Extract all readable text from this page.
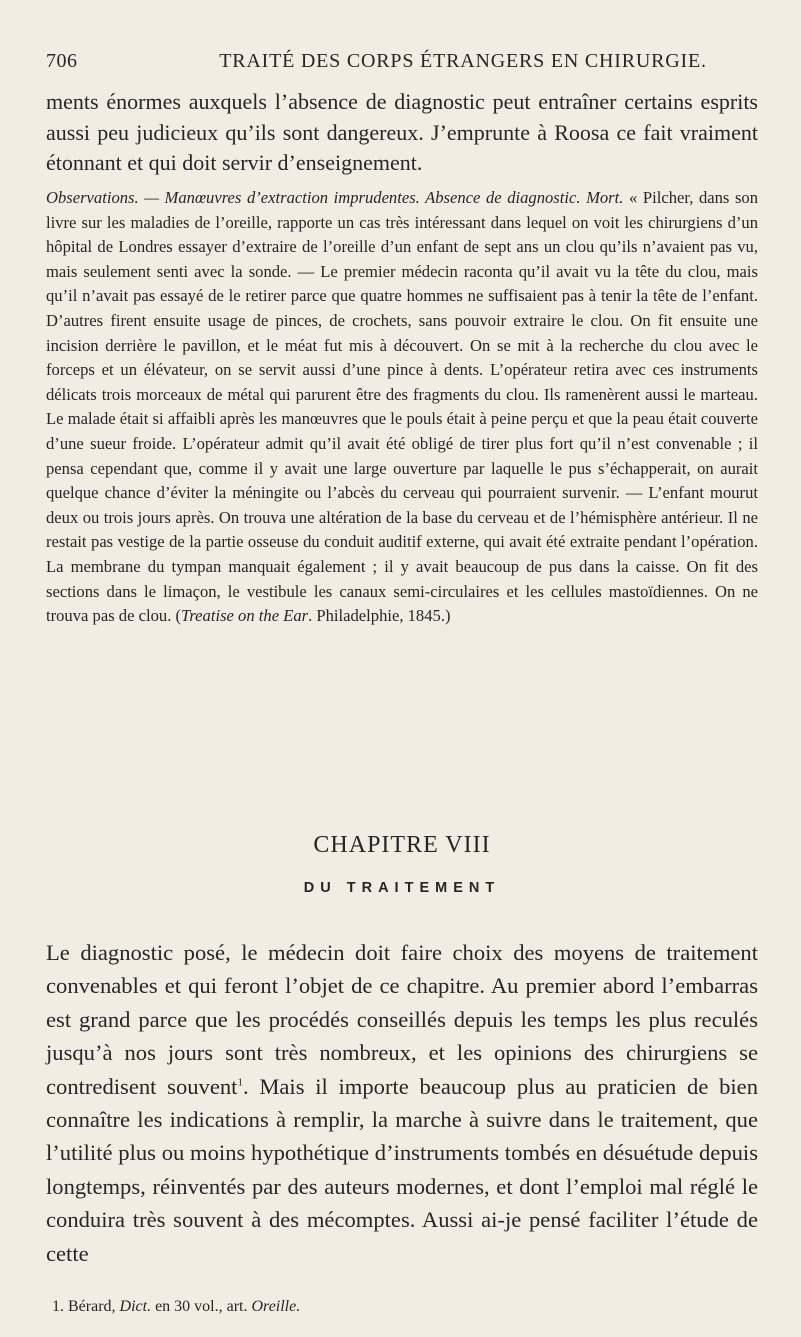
706	TRAITÉ DES CORPS ÉTRANGERS EN CHIRURGIE.

ments énormes auxquels l’absence de diagnostic peut entraîner certains esprits aussi peu judicieux qu’ils sont dangereux. J’emprunte à Roosa ce fait vraiment étonnant et qui doit servir d’enseignement.

Observations. — Manœuvres d’extraction imprudentes. Absence de diagnostic. Mort. « Pilcher, dans son livre sur les maladies de l’oreille, rapporte un cas très intéressant dans lequel on voit les chirurgiens d’un hôpital de Londres essayer d’extraire de l’oreille d’un enfant de sept ans un clou qu’ils n’avaient pas vu, mais seulement senti avec la sonde. — Le premier médecin raconta qu’il avait vu la tête du clou, mais qu’il n’avait pas essayé de le retirer parce que quatre hommes ne suffisaient pas à tenir la tête de l’enfant. D’autres firent ensuite usage de pinces, de crochets, sans pouvoir extraire le clou. On fit ensuite une incision derrière le pavillon, et le méat fut mis à découvert. On se mit à la recherche du clou avec le forceps et un élévateur, on se servit aussi d’une pince à dents. L’opérateur retira avec ces instruments délicats trois morceaux de métal qui parurent être des fragments du clou. Ils ramenèrent aussi le marteau. Le malade était si affaibli après les manœuvres que le pouls était à peine perçu et que la peau était couverte d’une sueur froide. L’opérateur admit qu’il avait été obligé de tirer plus fort qu’il n’est convenable ; il pensa cependant que, comme il y avait une large ouverture par laquelle le pus s’échapperait, on aurait quelque chance d’éviter la méningite ou l’abcès du cerveau qui pourraient survenir. — L’enfant mourut deux ou trois jours après. On trouva une altération de la base du cerveau et de l’hémisphère antérieur. Il ne restait pas vestige de la partie osseuse du conduit auditif externe, qui avait été extraite pendant l’opération. La membrane du tympan manquait également ; il y avait beaucoup de pus dans la caisse. On fit des sections dans le limaçon, le vestibule les canaux semi-circulaires et les cellules mastoïdiennes. On ne trouva pas de clou. (Treatise on the Ear. Philadelphie, 1845.)

CHAPITRE VIII
DU TRAITEMENT

Le diagnostic posé, le médecin doit faire choix des moyens de traitement convenables et qui feront l’objet de ce chapitre. Au premier abord l’embarras est grand parce que les procédés conseillés depuis les temps les plus reculés jusqu’à nos jours sont très nombreux, et les opinions des chirurgiens se contredisent souvent$^1$. Mais il importe beaucoup plus au praticien de bien connaître les indications à remplir, la marche à suivre dans le traitement, que l’utilité plus ou moins hypothétique d’instruments tombés en désuétude depuis longtemps, réinventés par des auteurs modernes, et dont l’emploi mal réglé le conduira très souvent à des mécomptes. Aussi ai-je pensé faciliter l’étude de cette

1. Bérard, Dict. en 30 vol., art. Oreille.
